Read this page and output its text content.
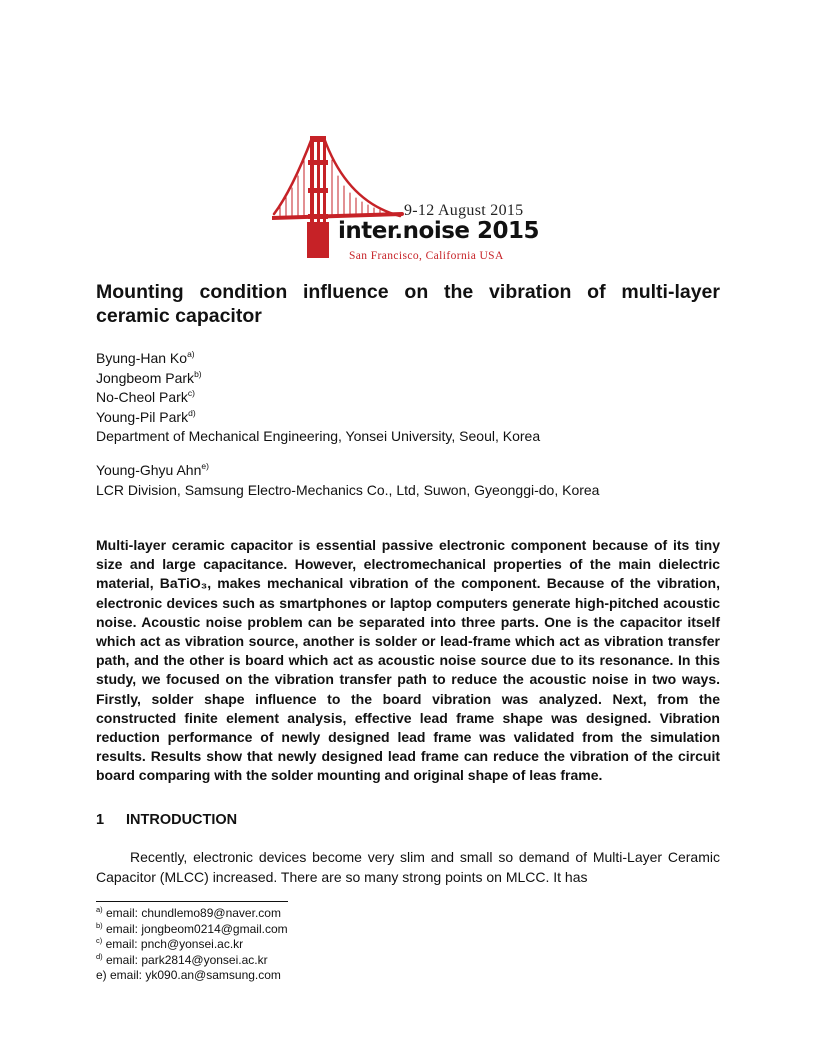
9-12 August 2015
inter.noise 2015
San Francisco, California USA
Mounting condition influence on the vibration of multi-layer ceramic capacitor
Byung-Han Ko$^{a)}$
Jongbeom Park$^{b)}$
No-Cheol Park$^{c)}$
Young-Pil Park$^{d)}$
Department of Mechanical Engineering, Yonsei University, Seoul, Korea
Young-Ghyu Ahn$^{e)}$
LCR Division, Samsung Electro-Mechanics Co., Ltd, Suwon, Gyeonggi-do, Korea

Multi-layer ceramic capacitor is essential passive electronic component because of its tiny size and large capacitance. However, electromechanical properties of the main dielectric material, BaTiO₃, makes mechanical vibration of the component. Because of the vibration, electronic devices such as smartphones or laptop computers generate high-pitched acoustic noise. Acoustic noise problem can be separated into three parts. One is the capacitor itself which act as vibration source, another is solder or lead-frame which act as vibration transfer path, and the other is board which act as acoustic noise source due to its resonance. In this study, we focused on the vibration transfer path to reduce the acoustic noise in two ways. Firstly, solder shape influence to the board vibration was analyzed. Next, from the constructed finite element analysis, effective lead frame shape was designed. Vibration reduction performance of newly designed lead frame was validated from the simulation results. Results show that newly designed lead frame can reduce the vibration of the circuit board comparing with the solder mounting and original shape of leas frame.

1 INTRODUCTION

Recently, electronic devices become very slim and small so demand of Multi-Layer Ceramic Capacitor (MLCC) increased. There are so many strong points on MLCC. It has

$^{a)}$ email: chundlemo89@naver.com
$^{b)}$ email: jongbeom0214@gmail.com
$^{c)}$ email: pnch@yonsei.ac.kr
$^{d)}$ email: park2814@yonsei.ac.kr
e) email: yk090.an@samsung.com
